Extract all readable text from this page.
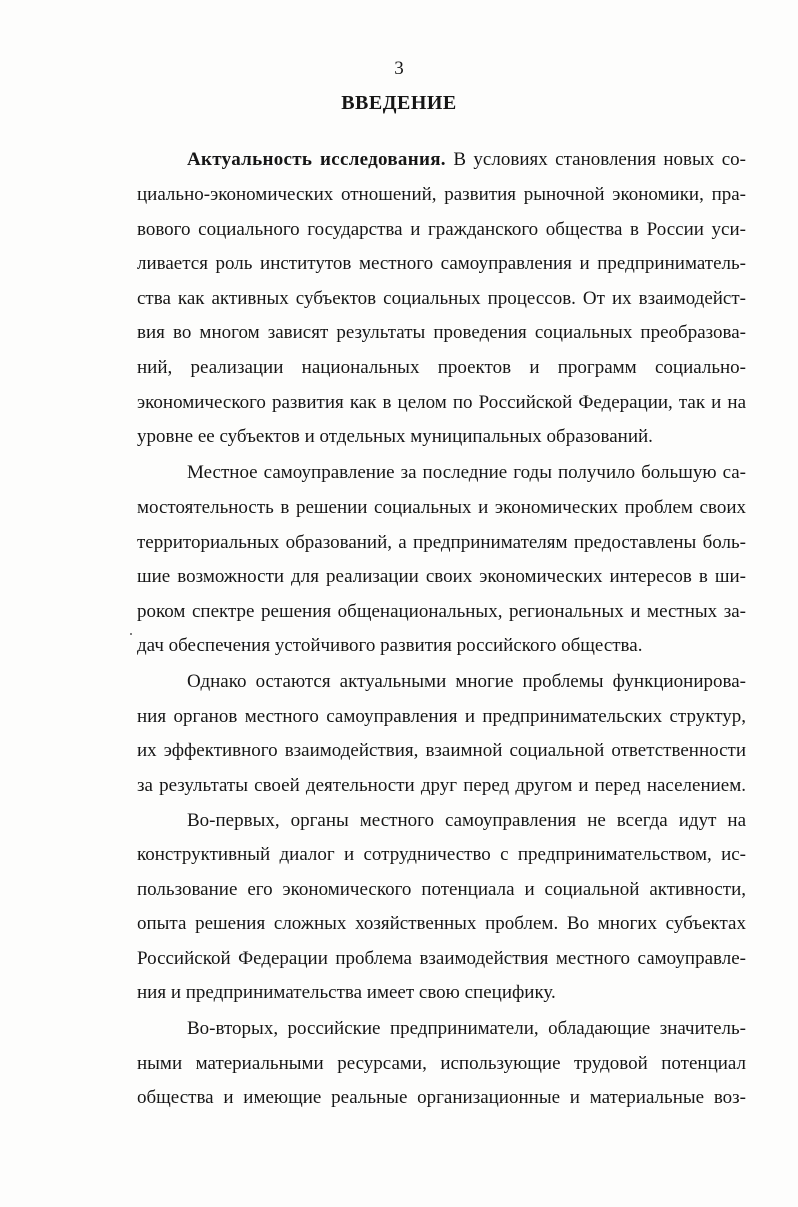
3
ВВЕДЕНИЕ
Актуальность исследования. В условиях становления новых со-
циально-экономических отношений, развития рыночной экономики, пра-
вового социального государства и гражданского общества в России уси-
ливается роль институтов местного самоуправления и предприниматель-
ства как активных субъектов социальных процессов. От их взаимодейст-
вия во многом зависят результаты проведения социальных преобразова-
ний, реализации национальных проектов и программ социально-
экономического развития как в целом по Российской Федерации, так и на
уровне ее субъектов и отдельных муниципальных образований.
Местное самоуправление за последние годы получило большую са-
мостоятельность в решении социальных и экономических проблем своих
территориальных образований, а предпринимателям предоставлены боль-
шие возможности для реализации своих экономических интересов в ши-
роком спектре решения общенациональных, региональных и местных за-
дач обеспечения устойчивого развития российского общества.
Однако остаются актуальными многие проблемы функционирова-
ния органов местного самоуправления и предпринимательских структур,
их эффективного взаимодействия, взаимной социальной ответственности
за результаты своей деятельности друг перед другом и перед населением.
Во-первых, органы местного самоуправления не всегда идут на
конструктивный диалог и сотрудничество с предпринимательством, ис-
пользование его экономического потенциала и социальной активности,
опыта решения сложных хозяйственных проблем. Во многих субъектах
Российской Федерации проблема взаимодействия местного самоуправле-
ния и предпринимательства имеет свою специфику.
Во-вторых, российские предприниматели, обладающие значитель-
ными материальными ресурсами, использующие трудовой потенциал
общества и имеющие реальные организационные и материальные воз-
